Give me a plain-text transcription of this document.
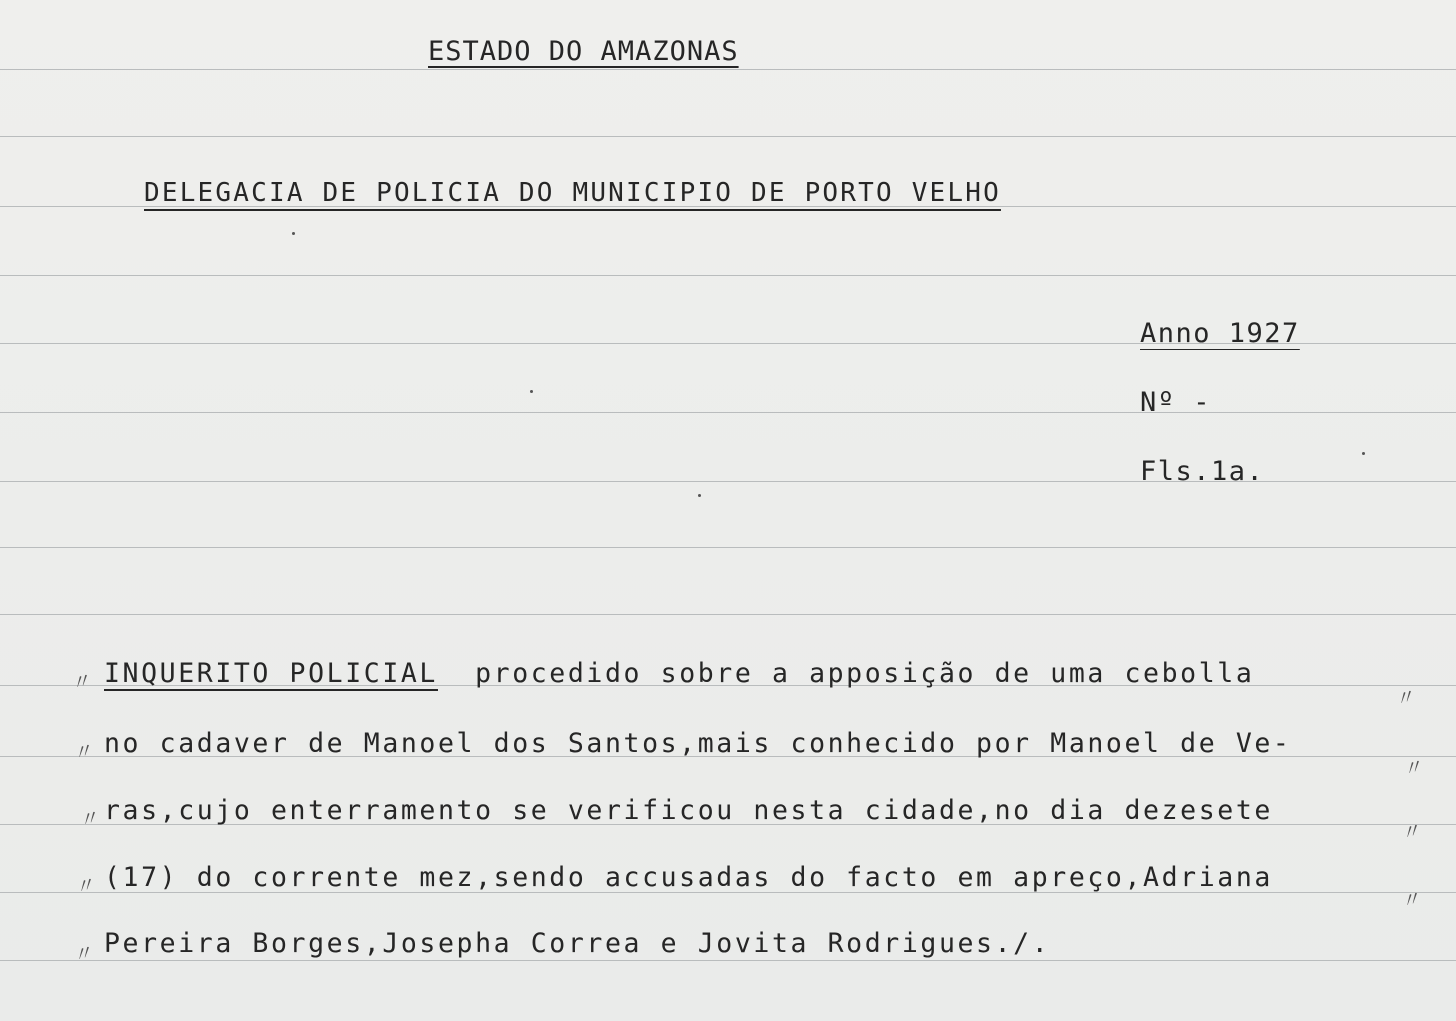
ESTADO DO AMAZONAS
DELEGACIA DE POLICIA DO MUNICIPIO DE PORTO VELHO
Anno 1927
Nº -
Fls.1a.
INQUERITO POLICIAL  procedido sobre a apposição de uma cebolla
no cadaver de Manoel dos Santos,mais conhecido por Manoel de Ve-
ras,cujo enterramento se verificou nesta cidade,no dia dezesete
(17) do corrente mez,sendo accusadas do facto em apreço,Adriana
Pereira Borges,Josepha Correa e Jovita Rodrigues./.
〃
〃
〃
〃
〃
〃
〃
〃
〃
